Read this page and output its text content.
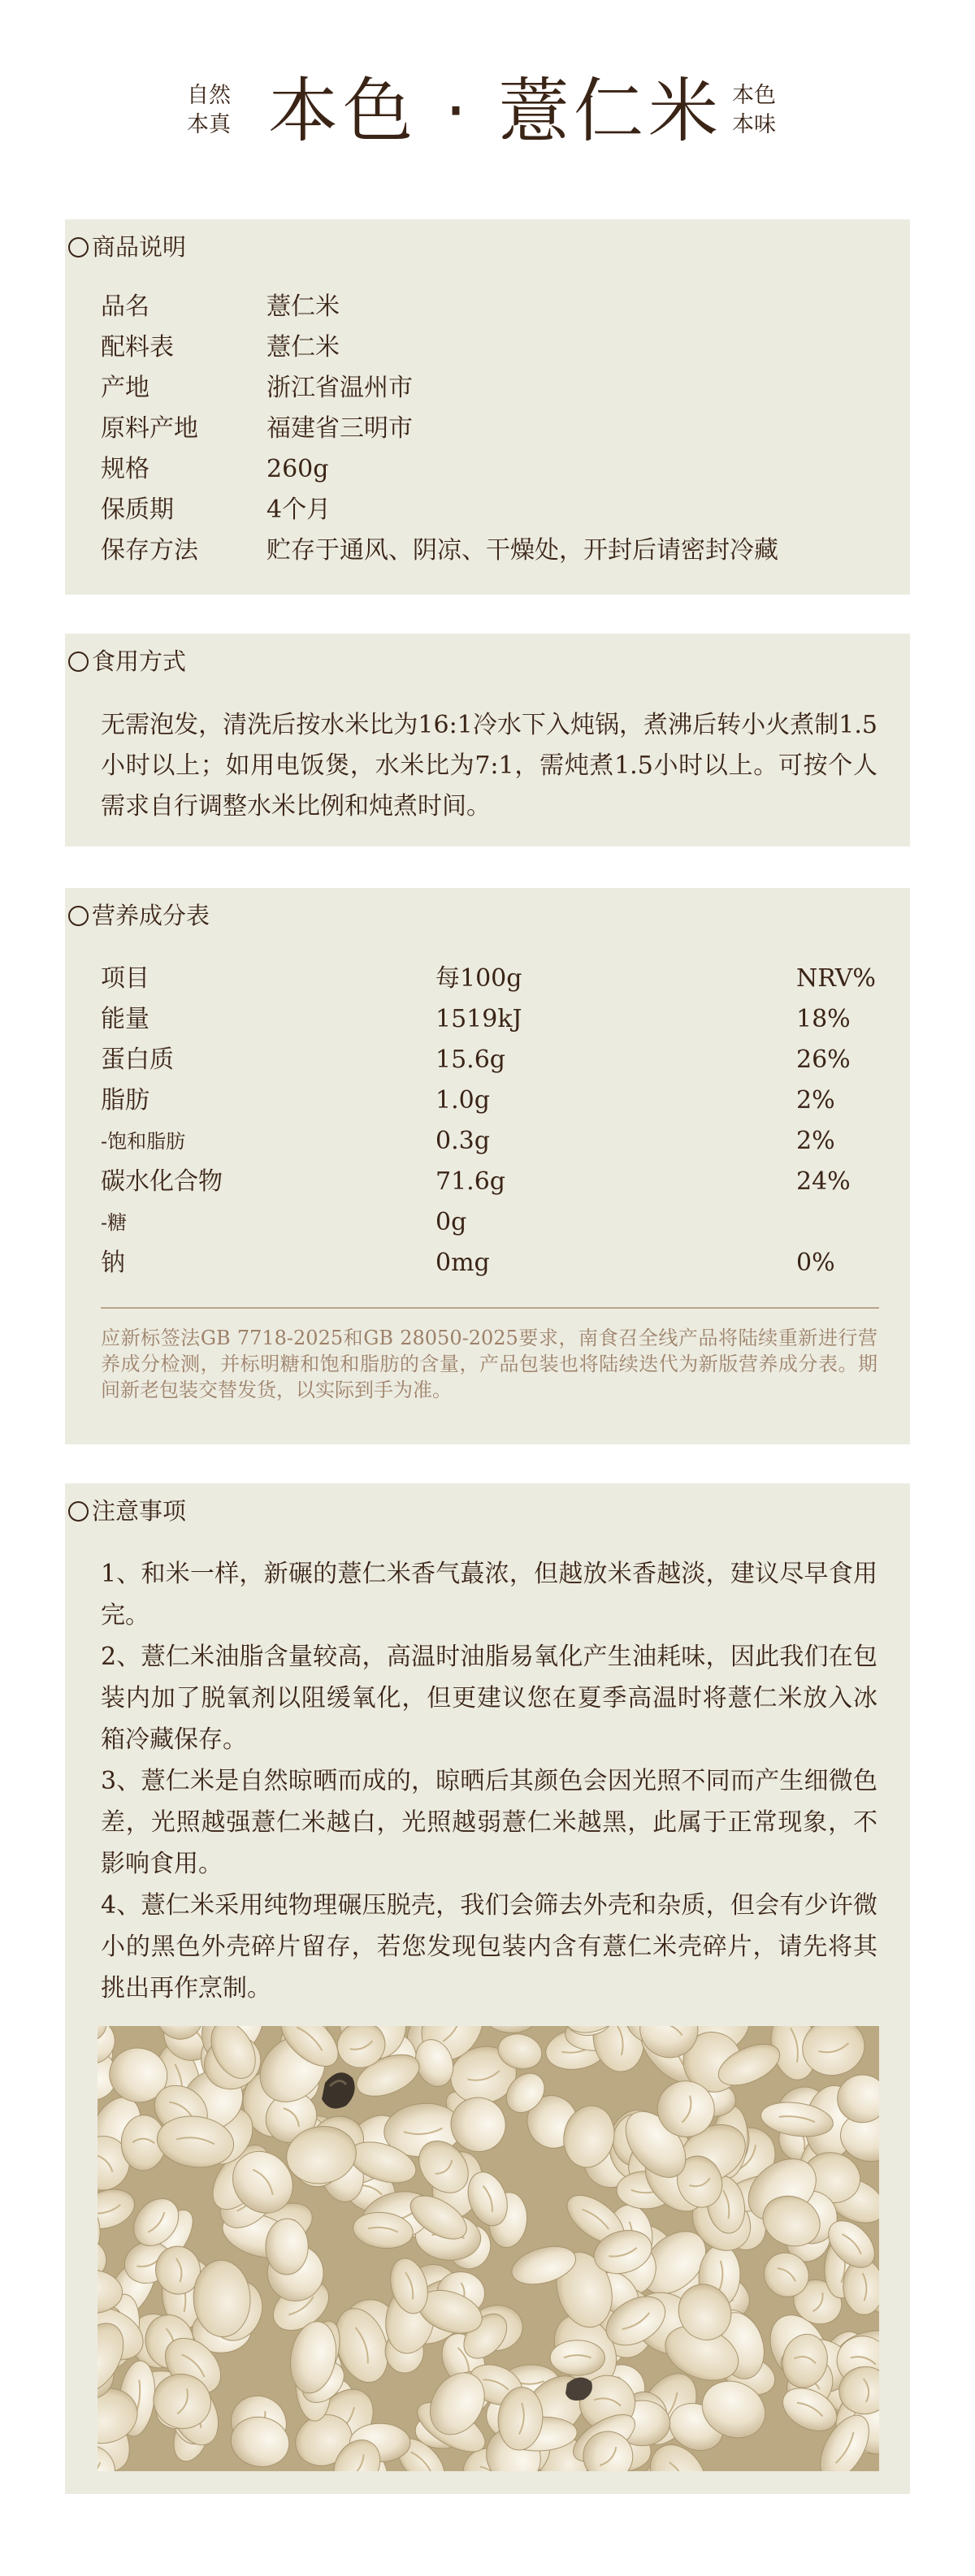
自然
本真 本色 · 薏仁米 本色
本味
商品说明
品名	薏仁米
配料表	薏仁米
产地	浙江省温州市
原料产地	福建省三明市
规格	260g
保质期	4个月
保存方法	贮存于通风、阴凉、干燥处，开封后请密封冷藏
食用方式
无需泡发，清洗后按水米比为16:1冷水下入炖锅，煮沸后转小火煮制1.5小时以上；如用电饭煲，水米比为7:1，需炖煮1.5小时以上。可按个人需求自行调整水米比例和炖煮时间。
营养成分表
项目	每100g	NRV%
能量	1519kJ	18%
蛋白质	15.6g	26%
脂肪	1.0g	2%
-饱和脂肪	0.3g	2%
碳水化合物	71.6g	24%
-糖	0g
钠	0mg	0%
应新标签法GB 7718-2025和GB 28050-2025要求，南食召全线产品将陆续重新进行营养成分检测，并标明糖和饱和脂肪的含量，产品包装也将陆续迭代为新版营养成分表。期间新老包装交替发货，以实际到手为准。
注意事项
1、和米一样，新碾的薏仁米香气蕞浓，但越放米香越淡，建议尽早食用完。
2、薏仁米油脂含量较高，高温时油脂易氧化产生油耗味，因此我们在包装内加了脱氧剂以阻缓氧化，但更建议您在夏季高温时将薏仁米放入冰箱冷藏保存。
3、薏仁米是自然晾晒而成的，晾晒后其颜色会因光照不同而产生细微色差，光照越强薏仁米越白，光照越弱薏仁米越黑，此属于正常现象，不影响食用。
4、薏仁米采用纯物理碾压脱壳，我们会筛去外壳和杂质，但会有少许微小的黑色外壳碎片留存，若您发现包装内含有薏仁米壳碎片，请先将其挑出再作烹制。
